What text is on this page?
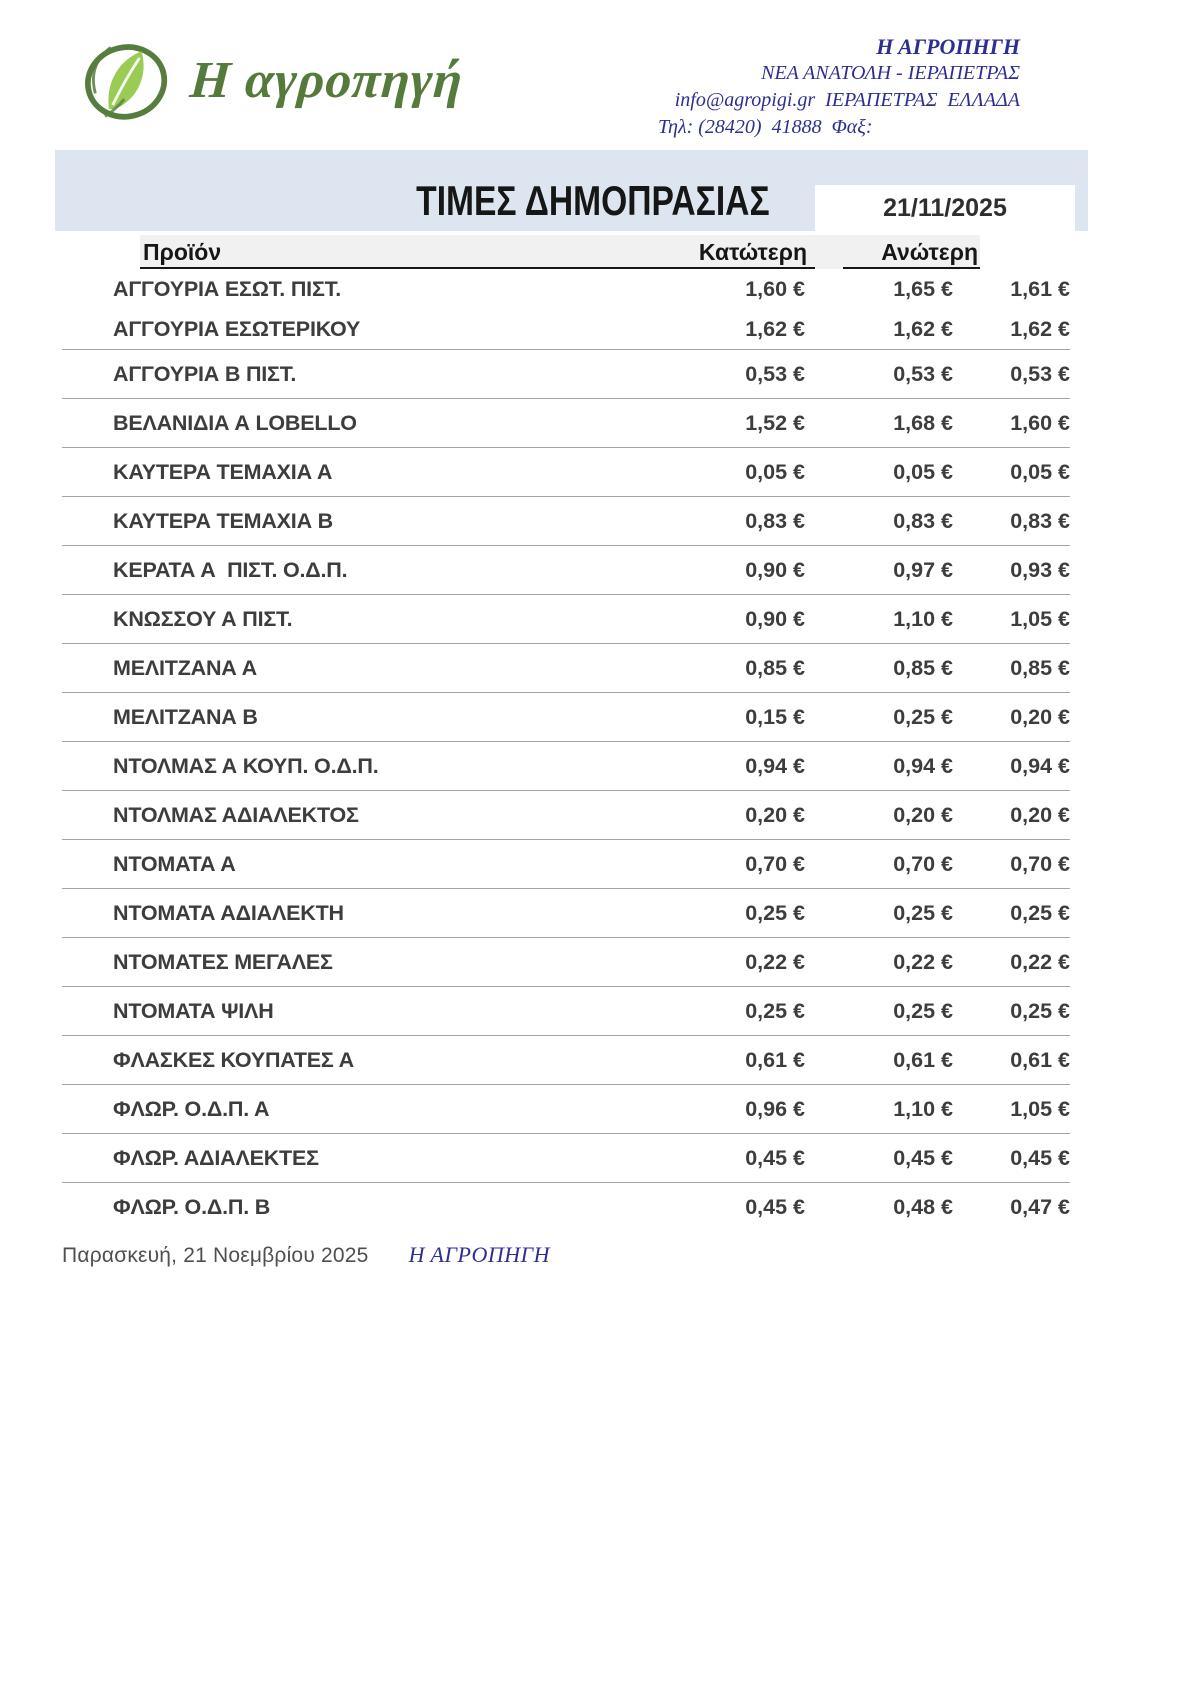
Η αγροπηγή
Η ΑΓΡΟΠΗΓΗ
ΝΕΑ ΑΝΑΤΟΛΗ - ΙΕΡΑΠΕΤΡΑΣ
info@agropigi.gr  ΙΕΡΑΠΕΤΡΑΣ  ΕΛΛΑΔΑ
Τηλ: (28420)  41888  Φαξ:
ΤΙΜΕΣ ΔΗΜΟΠΡΑΣΙΑΣ	21/11/2025
Προϊόν	Κατώτερη	Ανώτερη
ΑΓΓΟΥΡΙΑ ΕΣΩΤ. ΠΙΣΤ.	1,60 €	1,65 €	1,61 €
ΑΓΓΟΥΡΙΑ ΕΣΩΤΕΡΙΚΟΥ	1,62 €	1,62 €	1,62 €
ΑΓΓΟΥΡΙΑ Β ΠΙΣΤ.	0,53 €	0,53 €	0,53 €
ΒΕΛΑΝΙΔΙΑ Α LOBELLO	1,52 €	1,68 €	1,60 €
ΚΑΥΤΕΡΑ ΤΕΜΑΧΙΑ Α	0,05 €	0,05 €	0,05 €
ΚΑΥΤΕΡΑ ΤΕΜΑΧΙΑ Β	0,83 €	0,83 €	0,83 €
ΚΕΡΑΤΑ Α  ΠΙΣΤ. Ο.Δ.Π.	0,90 €	0,97 €	0,93 €
ΚΝΩΣΣΟΥ Α ΠΙΣΤ.	0,90 €	1,10 €	1,05 €
ΜΕΛΙΤΖΑΝΑ Α	0,85 €	0,85 €	0,85 €
ΜΕΛΙΤΖΑΝΑ Β	0,15 €	0,25 €	0,20 €
ΝΤΟΛΜΑΣ Α ΚΟΥΠ. Ο.Δ.Π.	0,94 €	0,94 €	0,94 €
ΝΤΟΛΜΑΣ ΑΔΙΑΛΕΚΤΟΣ	0,20 €	0,20 €	0,20 €
ΝΤΟΜΑΤΑ Α	0,70 €	0,70 €	0,70 €
ΝΤΟΜΑΤΑ ΑΔΙΑΛΕΚΤΗ	0,25 €	0,25 €	0,25 €
ΝΤΟΜΑΤΕΣ ΜΕΓΑΛΕΣ	0,22 €	0,22 €	0,22 €
ΝΤΟΜΑΤΑ ΨΙΛΗ	0,25 €	0,25 €	0,25 €
ΦΛΑΣΚΕΣ ΚΟΥΠΑΤΕΣ Α	0,61 €	0,61 €	0,61 €
ΦΛΩΡ. Ο.Δ.Π. Α	0,96 €	1,10 €	1,05 €
ΦΛΩΡ. ΑΔΙΑΛΕΚΤΕΣ	0,45 €	0,45 €	0,45 €
ΦΛΩΡ. Ο.Δ.Π. Β	0,45 €	0,48 €	0,47 €
Παρασκευή, 21 Νοεμβρίου 2025 Η ΑΓΡΟΠΗΓΗ
